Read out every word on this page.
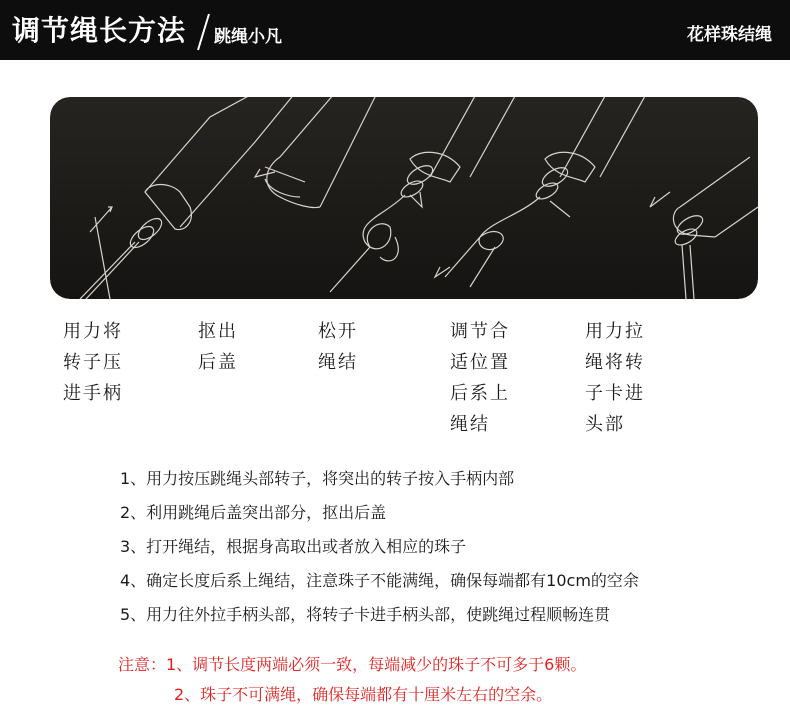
调节绳长方法 跳绳小凡	花样珠结绳
用力将
转子压
进手柄
抠出
后盖
松开
绳结
调节合
适位置
后系上
绳结
用力拉
绳将转
子卡进
头部
1、用力按压跳绳头部转子，将突出的转子按入手柄内部
2、利用跳绳后盖突出部分，抠出后盖
3、打开绳结，根据身高取出或者放入相应的珠子
4、确定长度后系上绳结，注意珠子不能满绳，确保每端都有10cm的空余
5、用力往外拉手柄头部，将转子卡进手柄头部，使跳绳过程顺畅连贯
注意：1、调节长度两端必须一致，每端减少的珠子不可多于6颗。
2、珠子不可满绳，确保每端都有十厘米左右的空余。
